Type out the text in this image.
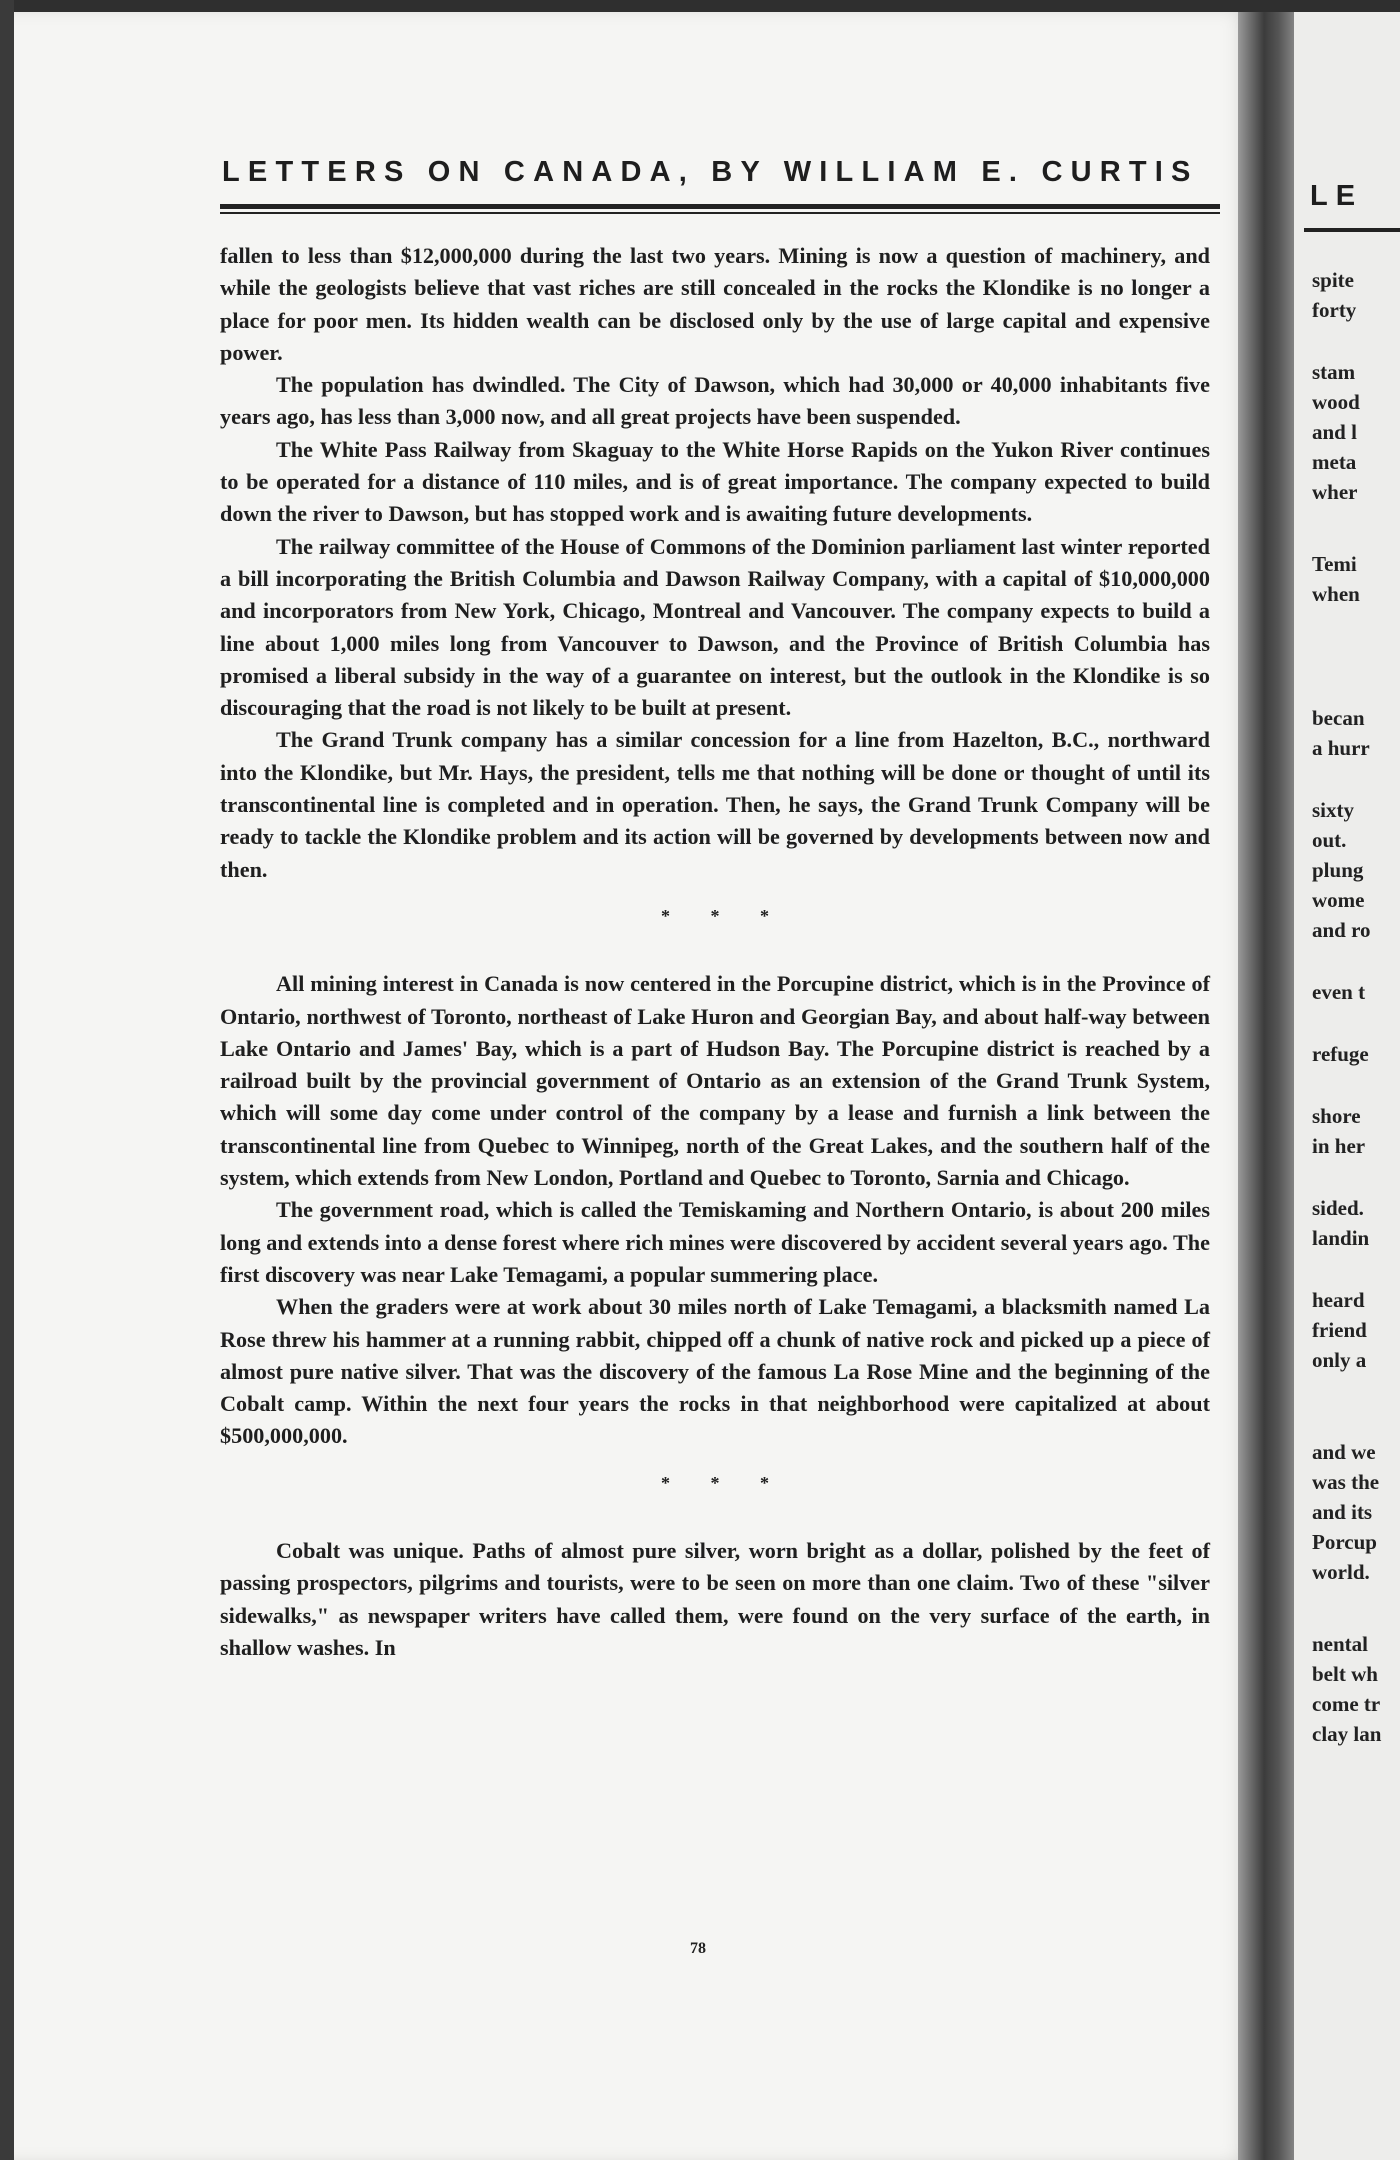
LE
spite
forty
stam
wood
and l
meta
wher
Temi
when
becan
a hurr
sixty
out.
plung
wome
and ro
even t
refuge
shore
in her
sided.
landin
heard
friend
only a
and we
was the
and its
Porcup
world.
nental
belt wh
come tr
clay lan
LETTERS ON CANADA, BY WILLIAM E. CURTIS

fallen to less than $12,000,000 during the last two years. Mining is now a question of machinery, and while the geologists believe that vast riches are still concealed in the rocks the Klondike is no longer a place for poor men. Its hidden wealth can be disclosed only by the use of large capital and expensive power.

The population has dwindled. The City of Dawson, which had 30,000 or 40,000 inhabitants five years ago, has less than 3,000 now, and all great projects have been suspended.

The White Pass Railway from Skaguay to the White Horse Rapids on the Yukon River continues to be operated for a distance of 110 miles, and is of great importance. The company expected to build down the river to Dawson, but has stopped work and is awaiting future developments.

The railway committee of the House of Commons of the Dominion parliament last winter reported a bill incorporating the British Columbia and Dawson Railway Company, with a capital of $10,000,000 and incorporators from New York, Chicago, Montreal and Vancouver. The company expects to build a line about 1,000 miles long from Vancouver to Dawson, and the Province of British Columbia has promised a liberal subsidy in the way of a guarantee on interest, but the outlook in the Klondike is so discouraging that the road is not likely to be built at present.

The Grand Trunk company has a similar concession for a line from Hazelton, B.C., northward into the Klondike, but Mr. Hays, the president, tells me that nothing will be done or thought of until its transcontinental line is completed and in operation. Then, he says, the Grand Trunk Company will be ready to tackle the Klondike problem and its action will be governed by developments between now and then.

* * *

All mining interest in Canada is now centered in the Porcupine district, which is in the Province of Ontario, northwest of Toronto, northeast of Lake Huron and Georgian Bay, and about half-way between Lake Ontario and James' Bay, which is a part of Hudson Bay. The Porcupine district is reached by a railroad built by the provincial government of Ontario as an extension of the Grand Trunk System, which will some day come under control of the company by a lease and furnish a link between the transcontinental line from Quebec to Winnipeg, north of the Great Lakes, and the southern half of the system, which extends from New London, Portland and Quebec to Toronto, Sarnia and Chicago.

The government road, which is called the Temiskaming and Northern Ontario, is about 200 miles long and extends into a dense forest where rich mines were discovered by accident several years ago. The first discovery was near Lake Temagami, a popular summering place.

When the graders were at work about 30 miles north of Lake Temagami, a blacksmith named La Rose threw his hammer at a running rabbit, chipped off a chunk of native rock and picked up a piece of almost pure native silver. That was the discovery of the famous La Rose Mine and the beginning of the Cobalt camp. Within the next four years the rocks in that neighborhood were capitalized at about $500,000,000.

* * *

Cobalt was unique. Paths of almost pure silver, worn bright as a dollar, polished by the feet of passing prospectors, pilgrims and tourists, were to be seen on more than one claim. Two of these "silver sidewalks," as newspaper writers have called them, were found on the very surface of the earth, in shallow washes. In

78
